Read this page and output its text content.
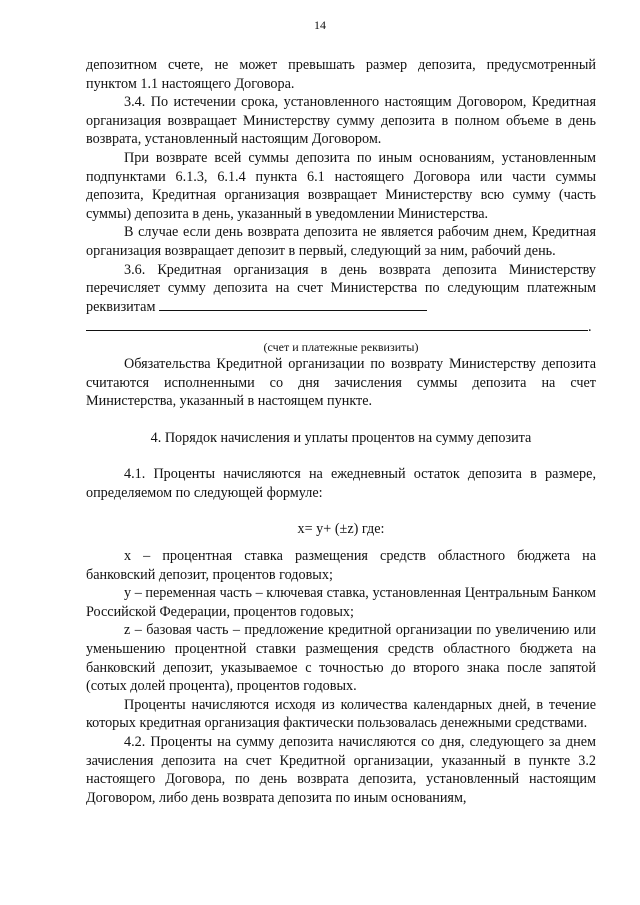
14

депозитном счете, не может превышать размер депозита, предусмотренный пунктом 1.1 настоящего Договора.

3.4. По истечении срока, установленного настоящим Договором, Кредитная организация возвращает Министерству сумму депозита в полном объеме в день возврата, установленный настоящим Договором.

При возврате всей суммы депозита по иным основаниям, установленным подпунктами 6.1.3, 6.1.4 пункта 6.1 настоящего Договора или части суммы депозита, Кредитная организация возвращает Министерству всю сумму (часть суммы) депозита в день, указанный в уведомлении Министерства.

В случае если день возврата депозита не является рабочим днем, Кредитная организация возвращает депозит в первый, следующий за ним, рабочий день.

3.6. Кредитная организация в день возврата депозита Министерству перечисляет сумму депозита на счет Министерства по следующим платежным реквизитам

.
(счет и платежные реквизиты)

Обязательства Кредитной организации по возврату Министерству депозита считаются исполненными со дня зачисления суммы депозита на счет Министерства, указанный в настоящем пункте.

4. Порядок начисления и уплаты процентов на сумму депозита

4.1. Проценты начисляются на ежедневный остаток депозита в размере, определяемом по следующей формуле:

x= y+ (±z) где:

x – процентная ставка размещения средств областного бюджета на банковский депозит, процентов годовых;

y – переменная часть – ключевая ставка, установленная Центральным Банком Российской Федерации, процентов годовых;

z – базовая часть – предложение кредитной организации по увеличению или уменьшению процентной ставки размещения средств областного бюджета на банковский депозит, указываемое с точностью до второго знака после запятой (сотых долей процента), процентов годовых.

Проценты начисляются исходя из количества календарных дней, в течение которых кредитная организация фактически пользовалась денежными средствами.

4.2. Проценты на сумму депозита начисляются со дня, следующего за днем зачисления депозита на счет Кредитной организации, указанный в пункте 3.2 настоящего Договора, по день возврата депозита, установленный настоящим Договором, либо день возврата депозита по иным основаниям,
